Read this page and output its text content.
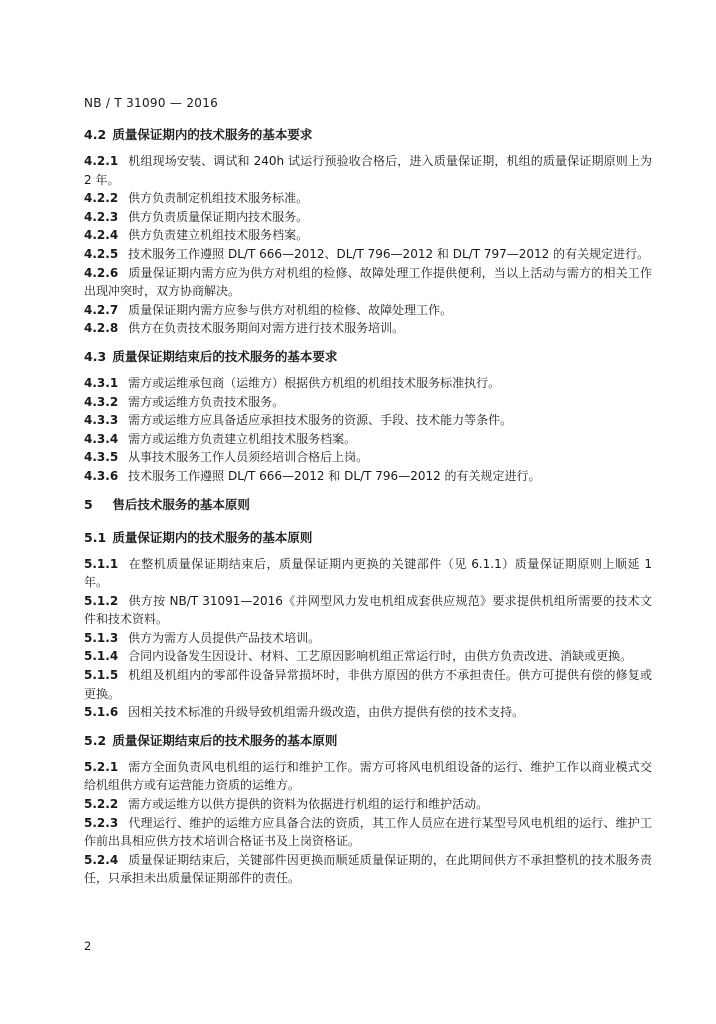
NB / T 31090 — 2016

4.2 质量保证期内的技术服务的基本要求

4.2.1 机组现场安装、调试和 240h 试运行预验收合格后，进入质量保证期，机组的质量保证期原则上为 2 年。

4.2.2 供方负责制定机组技术服务标准。

4.2.3 供方负责质量保证期内技术服务。

4.2.4 供方负责建立机组技术服务档案。

4.2.5 技术服务工作遵照 DL/T 666—2012、DL/T 796—2012 和 DL/T 797—2012 的有关规定进行。

4.2.6 质量保证期内需方应为供方对机组的检修、故障处理工作提供便利，当以上活动与需方的相关工作出现冲突时，双方协商解决。

4.2.7 质量保证期内需方应参与供方对机组的检修、故障处理工作。

4.2.8 供方在负责技术服务期间对需方进行技术服务培训。

4.3 质量保证期结束后的技术服务的基本要求

4.3.1 需方或运维承包商（运维方）根据供方机组的机组技术服务标准执行。

4.3.2 需方或运维方负责技术服务。

4.3.3 需方或运维方应具备适应承担技术服务的资源、手段、技术能力等条件。

4.3.4 需方或运维方负责建立机组技术服务档案。

4.3.5 从事技术服务工作人员须经培训合格后上岗。

4.3.6 技术服务工作遵照 DL/T 666—2012 和 DL/T 796—2012 的有关规定进行。

5 售后技术服务的基本原则

5.1 质量保证期内的技术服务的基本原则

5.1.1 在整机质量保证期结束后，质量保证期内更换的关键部件（见 6.1.1）质量保证期原则上顺延 1 年。

5.1.2 供方按 NB/T 31091—2016《并网型风力发电机组成套供应规范》要求提供机组所需要的技术文件和技术资料。

5.1.3 供方为需方人员提供产品技术培训。

5.1.4 合同内设备发生因设计、材料、工艺原因影响机组正常运行时，由供方负责改进、消缺或更换。

5.1.5 机组及机组内的零部件设备异常损坏时，非供方原因的供方不承担责任。供方可提供有偿的修复或更换。

5.1.6 因相关技术标准的升级导致机组需升级改造，由供方提供有偿的技术支持。

5.2 质量保证期结束后的技术服务的基本原则

5.2.1 需方全面负责风电机组的运行和维护工作。需方可将风电机组设备的运行、维护工作以商业模式交给机组供方或有运营能力资质的运维方。

5.2.2 需方或运维方以供方提供的资料为依据进行机组的运行和维护活动。

5.2.3 代理运行、维护的运维方应具备合法的资质，其工作人员应在进行某型号风电机组的运行、维护工作前出具相应供方技术培训合格证书及上岗资格证。

5.2.4 质量保证期结束后，关键部件因更换而顺延质量保证期的，在此期间供方不承担整机的技术服务责任，只承担未出质量保证期部件的责任。

2
